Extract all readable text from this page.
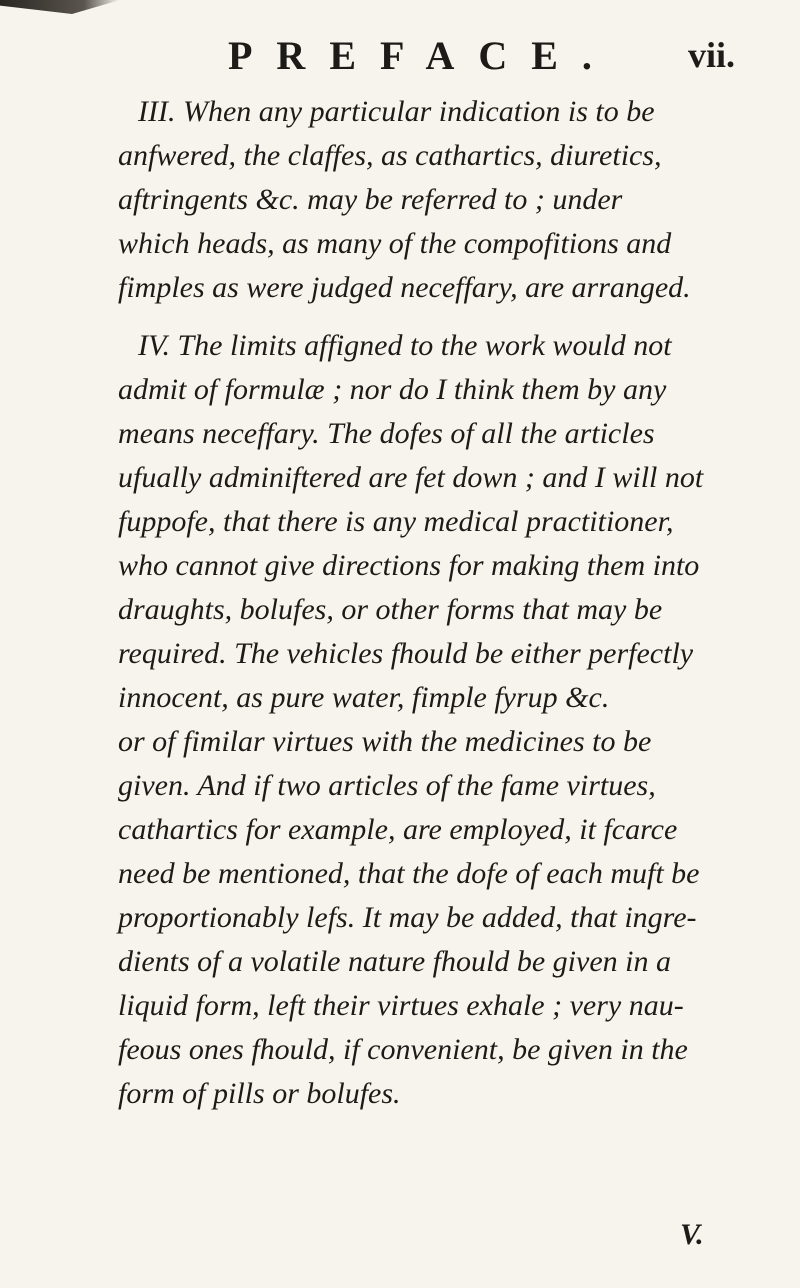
PREFACE. vii.
III. When any particular indication is to be
anfwered, the claffes, as cathartics, diuretics,
aftringents &c. may be referred to ; under
which heads, as many of the compofitions and
fimples as were judged neceffary, are arranged.
IV. The limits affigned to the work would not
admit of formulæ ; nor do I think them by any
means neceffary. The dofes of all the articles
ufually adminiftered are fet down ; and I will not
fuppofe, that there is any medical practitioner,
who cannot give directions for making them into
draughts, bolufes, or other forms that may be
required. The vehicles fhould be either perfectly
innocent, as pure water, fimple fyrup &c.
or of fimilar virtues with the medicines to be
given. And if two articles of the fame virtues,
cathartics for example, are employed, it fcarce
need be mentioned, that the dofe of each muft be
proportionably lefs. It may be added, that ingre-
dients of a volatile nature fhould be given in a
liquid form, left their virtues exhale ; very nau-
feous ones fhould, if convenient, be given in the
form of pills or bolufes.
V.
